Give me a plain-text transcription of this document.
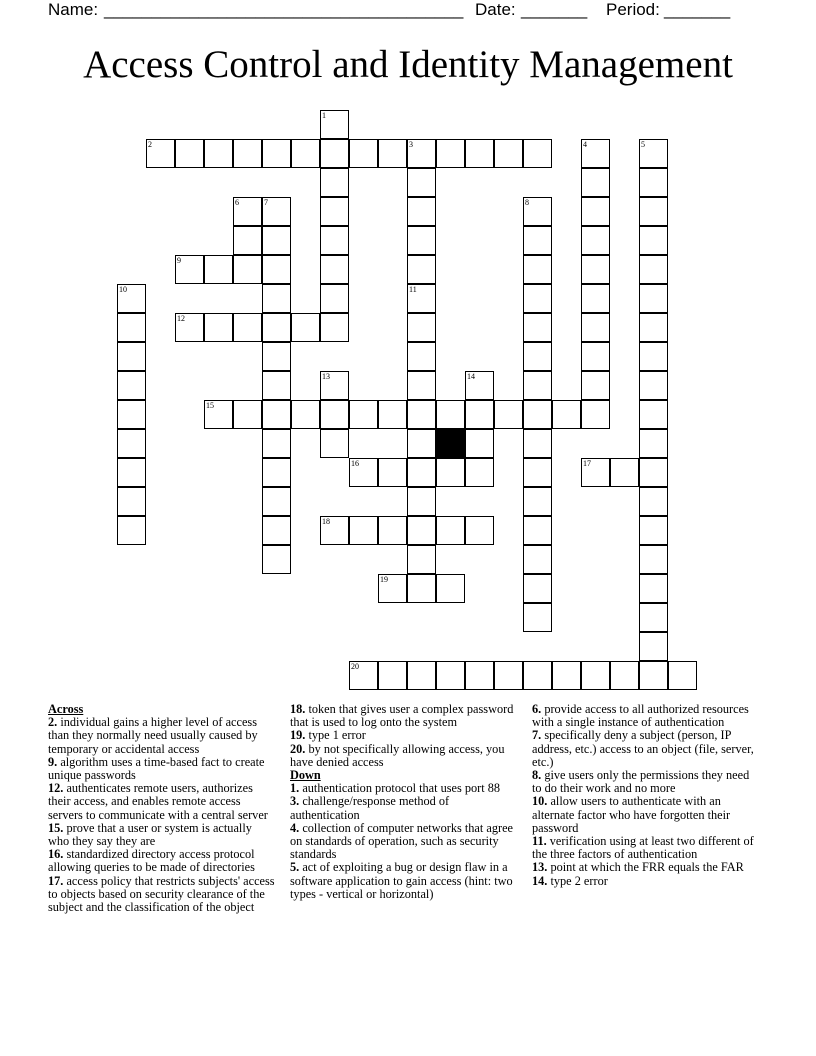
Name: ______________________________________ Date: _______ Period: _______
Access Control and Identity Management
2	3
9
12
15
16	17
18
19
20
1
4	5
6	7	8
10	11
13	14

Across

2. individual gains a higher level of access than they normally need usually caused by temporary or accidental access

9. algorithm uses a time-based fact to create unique passwords

12. authenticates remote users, authorizes their access, and enables remote access servers to communicate with a central server

15. prove that a user or system is actually who they say they are

16. standardized directory access protocol allowing queries to be made of directories

17. access policy that restricts subjects' access to objects based on security clearance of the subject and the classification of the object

18. token that gives user a complex password that is used to log onto the system

19. type 1 error

20. by not specifically allowing access, you have denied access

Down

1. authentication protocol that uses port 88

3. challenge/response method of authentication

4. collection of computer networks that agree on standards of operation, such as security standards

5. act of exploiting a bug or design flaw in a software application to gain access (hint: two types - vertical or horizontal)

6. provide access to all authorized resources with a single instance of authentication

7. specifically deny a subject (person, IP address, etc.) access to an object (file, server, etc.)

8. give users only the permissions they need to do their work and no more

10. allow users to authenticate with an alternate factor who have forgotten their password

11. verification using at least two different of the three factors of authentication

13. point at which the FRR equals the FAR

14. type 2 error
